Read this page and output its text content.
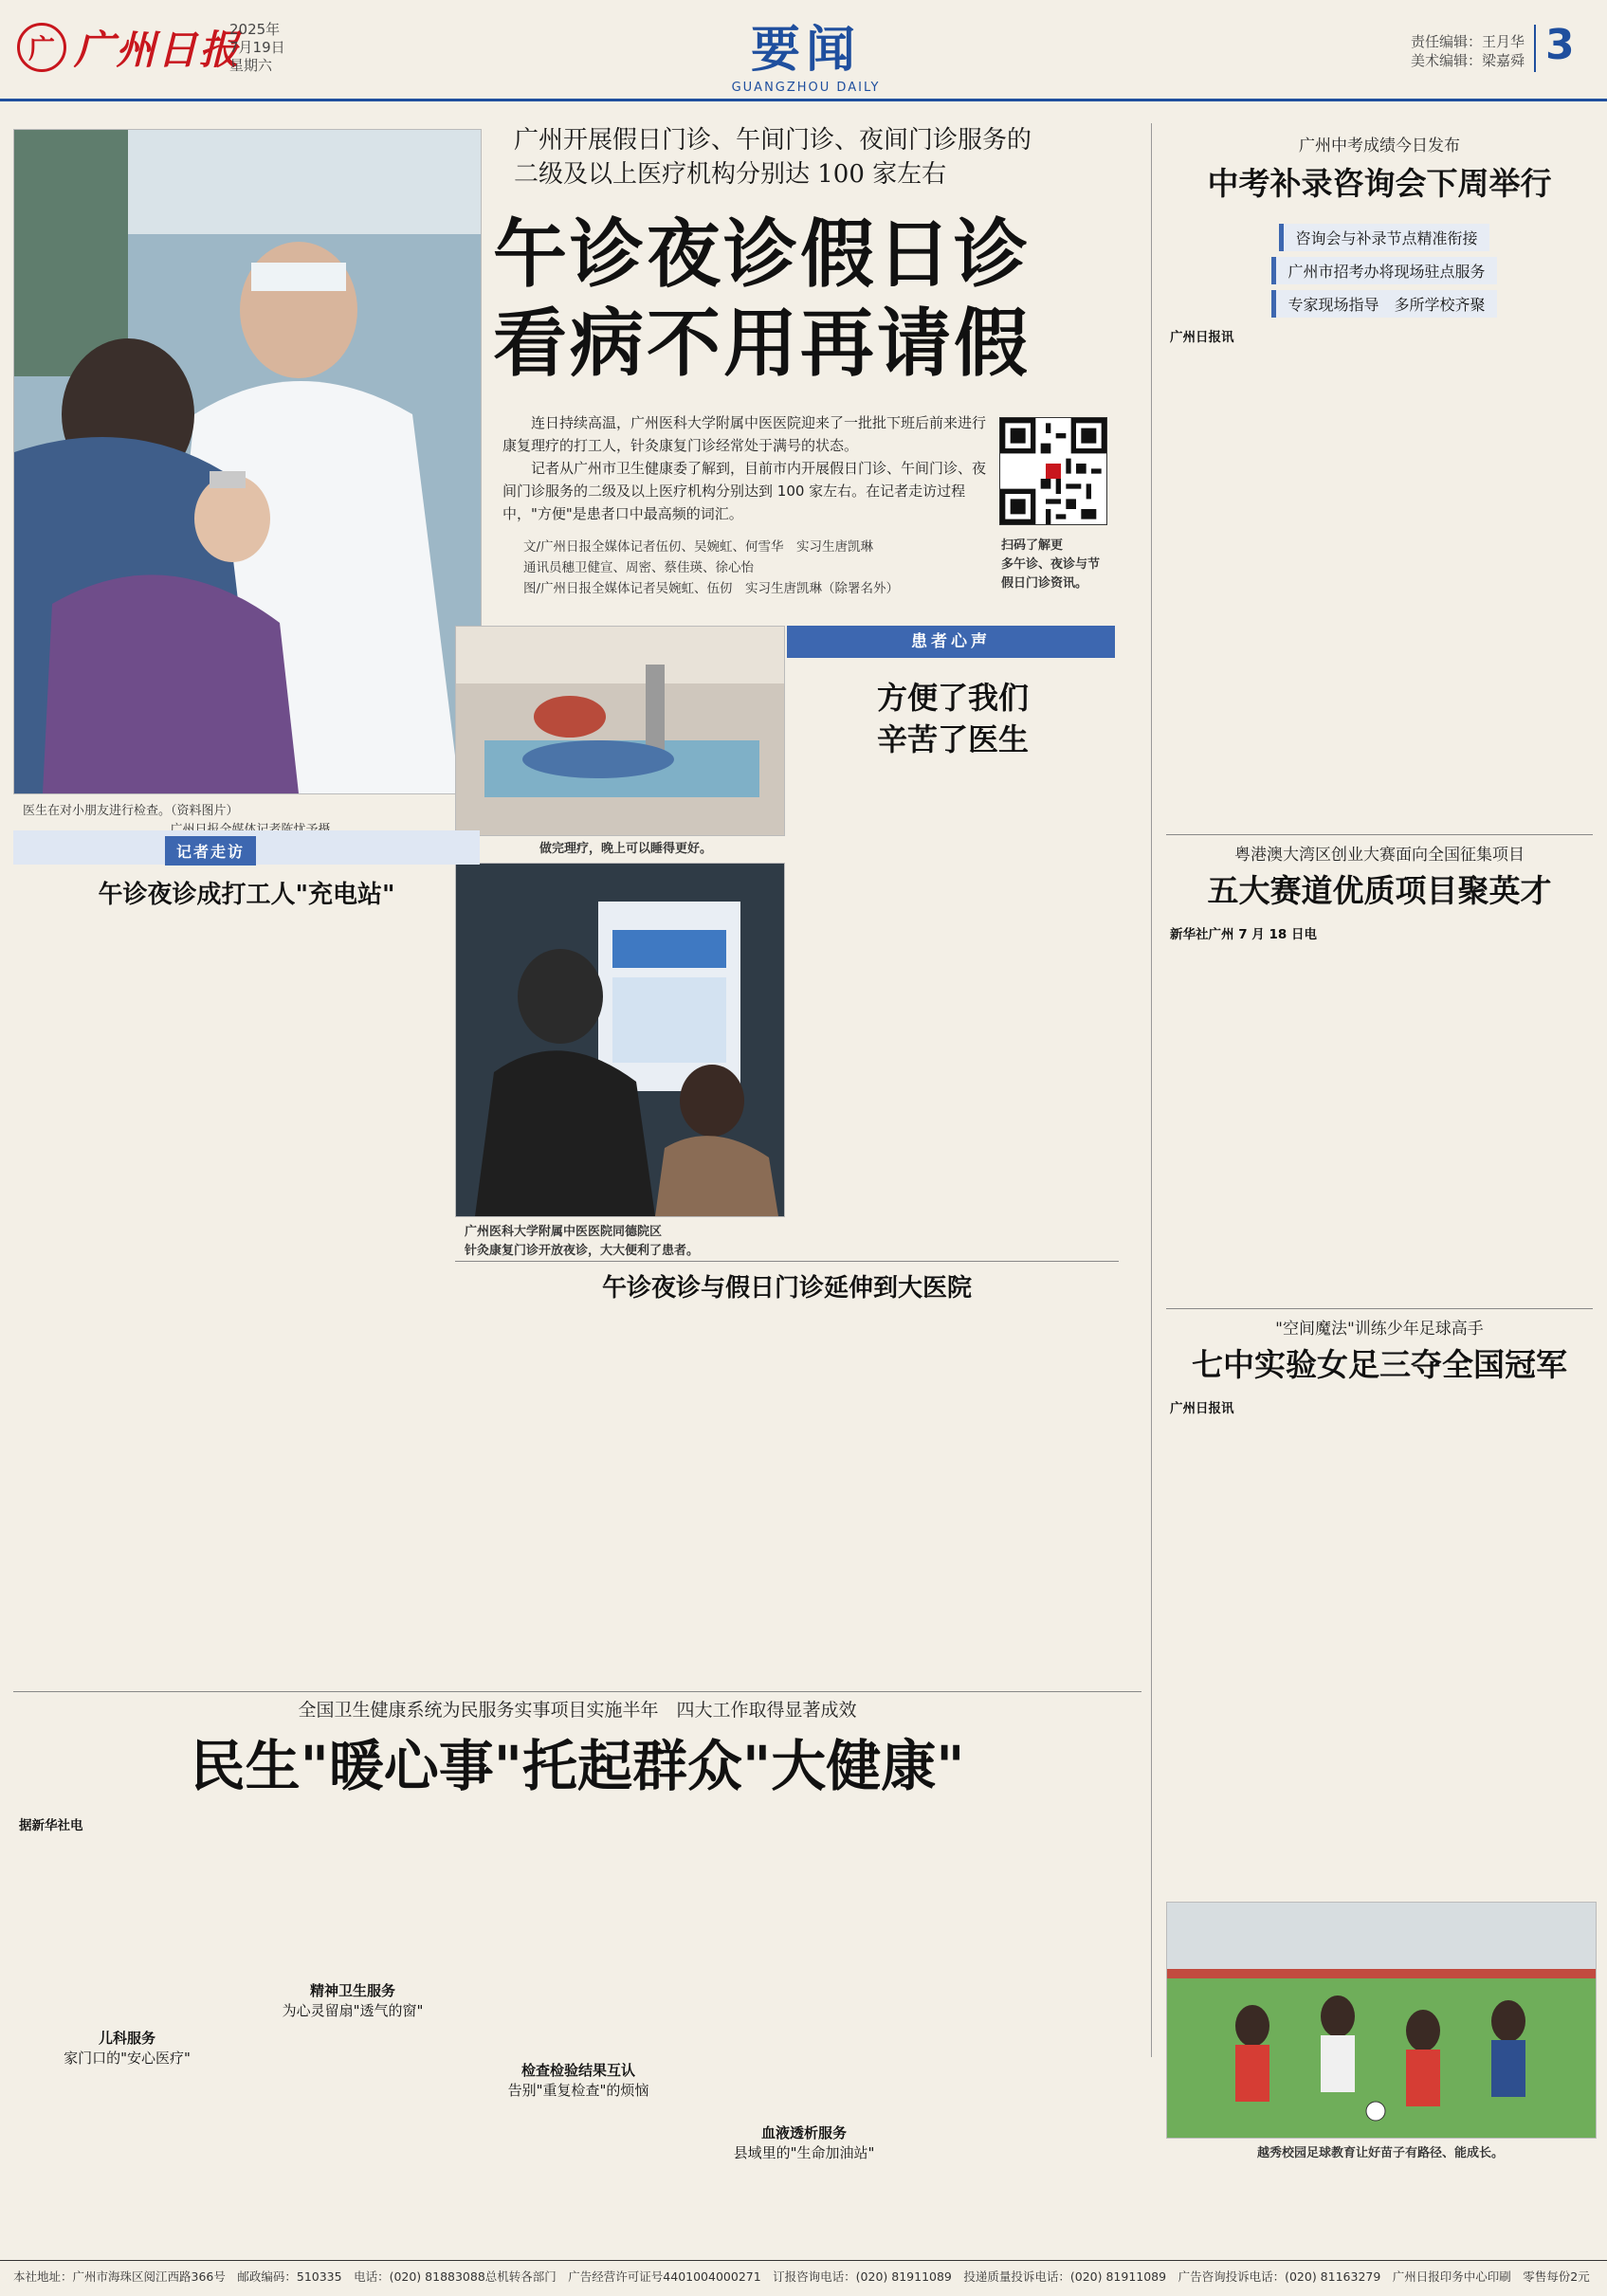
广 广州日报
2025年
7月19日
星期六	要闻
GUANGZHOU DAILY
责任编辑：王月华
美术编辑：梁嘉舜 3
医生在对小朋友进行检查。（资料图片）
广州开展假日门诊、午间门诊、夜间门诊服务的
二级及以上医疗机构分别达 100 家左右
午诊夜诊假日诊
看病不用再请假
连日持续高温，广州医科大学附属中医医院迎来了一批批下班后前来进行康复理疗的打工人，针灸康复门诊经常处于满号的状态。
记者从广州市卫生健康委了解到，目前市内开展假日门诊、午间门诊、夜间门诊服务的二级及以上医疗机构分别达到 100 家左右。在记者走访过程中，"方便"是患者口中最高频的词汇。
文/广州日报全媒体记者伍仞、吴婉虹、何雪华　实习生唐凯琳
通讯员穗卫健宣、周密、蔡佳瑛、徐心怡
图/广州日报全媒体记者吴婉虹、伍仞　实习生唐凯琳（除署名外）
扫码了解更
多午诊、夜诊与节
假日门诊资讯。
做完理疗，晚上可以睡得更好。
广州医科大学附属中医医院同德院区
针灸康复门诊开放夜诊，大大便利了患者。
记者走访
午诊夜诊成打工人"充电站"
患者心声
方便了我们
辛苦了医生
午诊夜诊与假日门诊延伸到大医院
广州中考成绩今日发布
中考补录咨询会下周举行
咨询会与补录节点精准衔接
广州市招考办将现场驻点服务
专家现场指导　多所学校齐聚
广州日报讯
粤港澳大湾区创业大赛面向全国征集项目
五大赛道优质项目聚英才
新华社广州 7 月 18 日电
"空间魔法"训练少年足球高手
七中实验女足三夺全国冠军
广州日报讯
越秀校园足球教育让好苗子有路径、能成长。
全国卫生健康系统为民服务实事项目实施半年　四大工作取得显著成效
民生"暖心事"托起群众"大健康"
据新华社电
儿科服务
家门口的"安心医疗"
精神卫生服务
为心灵留扇"透气的窗"
检查检验结果互认
告别"重复检查"的烦恼
血液透析服务
县域里的"生命加油站"
本社地址：广州市海珠区阅江西路366号　邮政编码：510335　电话：(020) 81883088总机转各部门　广告经营许可证号4401004000271　订报咨询电话：(020) 81911089　投递质量投诉电话：(020) 81911089　广告咨询投诉电话：(020) 81163279　广州日报印务中心印刷　零售每份2元
